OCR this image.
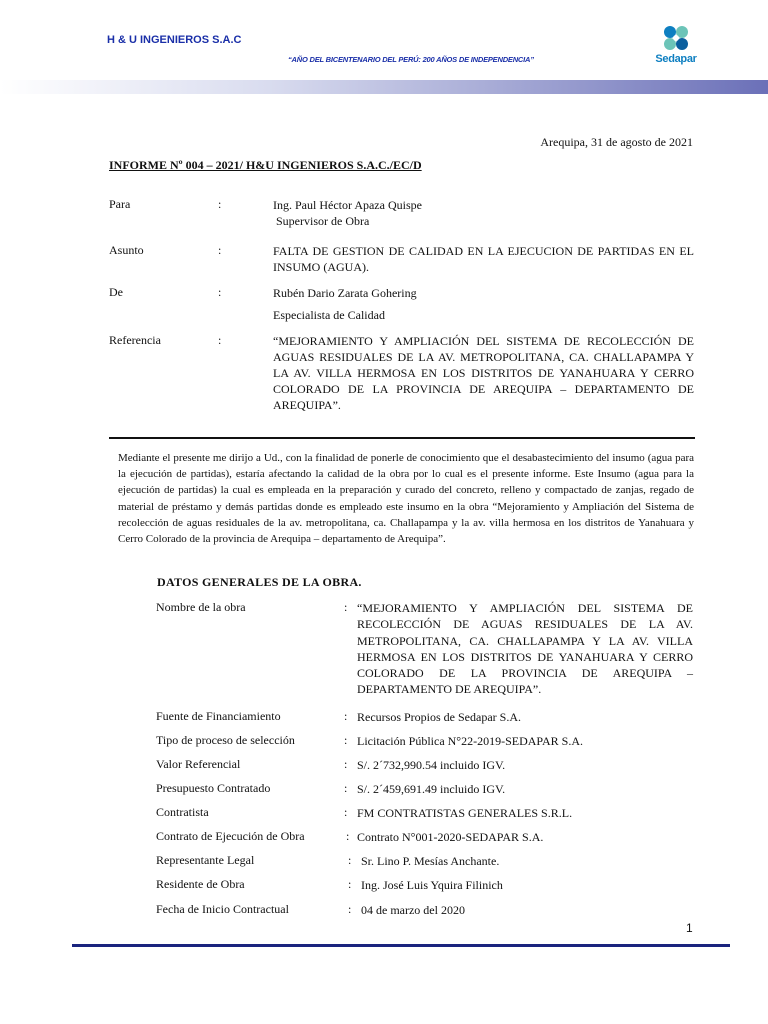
H & U INGENIEROS S.A.C
“AÑO DEL BICENTENARIO DEL PERÚ: 200 AÑOS DE INDEPENDENCIA”	Sedapar
Arequipa, 31 de agosto de 2021
INFORME Nº 004 – 2021/ H&U INGENIEROS S.A.C./EC/D
Para	:	Ing. Paul Héctor Apaza Quispe
Supervisor de Obra
Asunto	:	FALTA DE GESTION DE CALIDAD EN LA EJECUCION DE PARTIDAS EN EL INSUMO (AGUA).
De	:	Rubén Dario Zarata Gohering
Especialista de Calidad
Referencia	:	“MEJORAMIENTO Y AMPLIACIÓN DEL SISTEMA DE RECOLECCIÓN DE AGUAS RESIDUALES DE LA AV. METROPOLITANA, CA. CHALLAPAMPA Y LA AV. VILLA HERMOSA EN LOS DISTRITOS DE YANAHUARA Y CERRO COLORADO DE LA PROVINCIA DE AREQUIPA – DEPARTAMENTO DE AREQUIPA”.
Mediante el presente me dirijo a Ud., con la finalidad de ponerle de conocimiento que el desabastecimiento del insumo (agua para la ejecución de partidas), estaría afectando la calidad de la obra por lo cual es el presente informe. Este Insumo (agua para la ejecución de partidas) la cual es empleada en la preparación y curado del concreto, relleno y compactado de zanjas, regado de material de préstamo y demás partidas donde es empleado este insumo en la obra “Mejoramiento y Ampliación del Sistema de recolección de aguas residuales de la av. metropolitana, ca. Challapampa y la av. villa hermosa en los distritos de Yanahuara y Cerro Colorado de la provincia de Arequipa – departamento de Arequipa”.
DATOS GENERALES DE LA OBRA.
Nombre de la obra	: “MEJORAMIENTO Y AMPLIACIÓN DEL SISTEMA DE RECOLECCIÓN DE AGUAS RESIDUALES DE LA AV. METROPOLITANA, CA. CHALLAPAMPA Y LA AV. VILLA HERMOSA EN LOS DISTRITOS DE YANAHUARA Y CERRO COLORADO DE LA PROVINCIA DE AREQUIPA – DEPARTAMENTO DE AREQUIPA”.
Fuente de Financiamiento	: Recursos Propios de Sedapar S.A.
Tipo de proceso de selección	: Licitación Pública N°22-2019-SEDAPAR S.A.
Valor Referencial	: S/. 2´732,990.54 incluido IGV.
Presupuesto Contratado	: S/. 2´459,691.49 incluido IGV.
Contratista	: FM CONTRATISTAS GENERALES S.R.L.
Contrato de Ejecución de Obra	: Contrato N°001-2020-SEDAPAR S.A.
Representante Legal	: Sr. Lino P. Mesías Anchante.
Residente de Obra	: Ing. José Luis Yquira Filinich
Fecha de Inicio Contractual	: 04 de marzo del 2020
1
